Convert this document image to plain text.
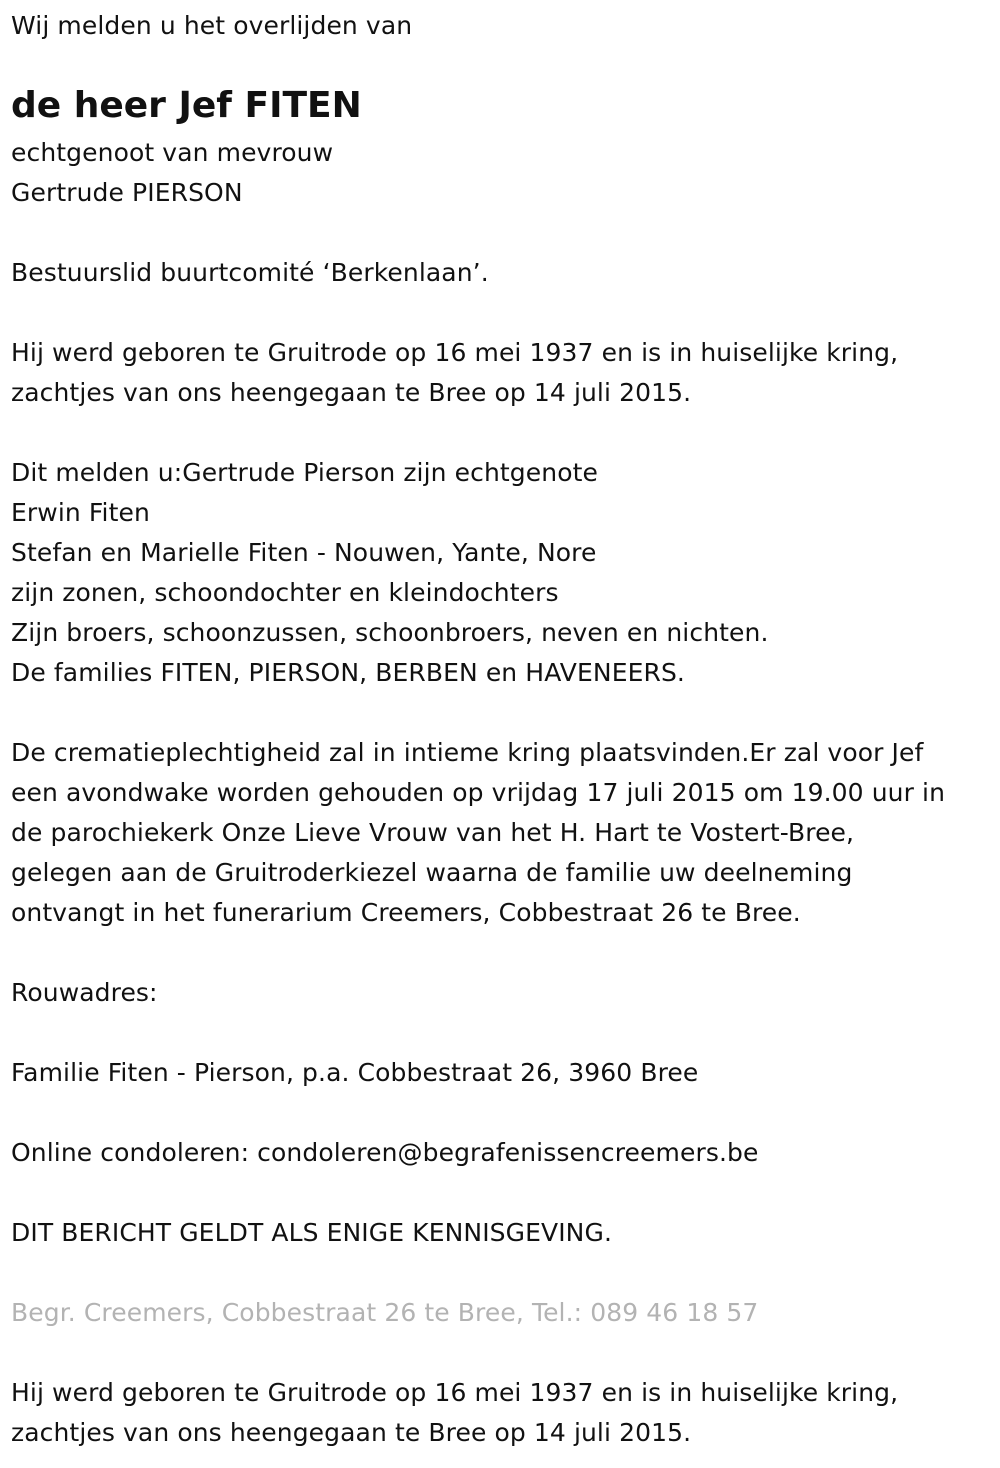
Wij melden u het overlijden van
de heer Jef FITEN
echtgenoot van mevrouw
Gertrude PIERSON
Bestuurslid buurtcomité ‘Berkenlaan’.
Hij werd geboren te Gruitrode op 16 mei 1937 en is in huiselijke kring,
zachtjes van ons heengegaan te Bree op 14 juli 2015.
Dit melden u:Gertrude Pierson zijn echtgenote
Erwin Fiten
Stefan en Marielle Fiten - Nouwen, Yante, Nore
zijn zonen, schoondochter en kleindochters
Zijn broers, schoonzussen, schoonbroers, neven en nichten.
De families FITEN, PIERSON, BERBEN en HAVENEERS.
De crematieplechtigheid zal in intieme kring plaatsvinden.Er zal voor Jef
een avondwake worden gehouden op vrijdag 17 juli 2015 om 19.00 uur in
de parochiekerk Onze Lieve Vrouw van het H. Hart te Vostert-Bree,
gelegen aan de Gruitroderkiezel waarna de familie uw deelneming
ontvangt in het funerarium Creemers, Cobbestraat 26 te Bree.
Rouwadres:
Familie Fiten - Pierson, p.a. Cobbestraat 26, 3960 Bree
Online condoleren: condoleren@begrafenissencreemers.be
DIT BERICHT GELDT ALS ENIGE KENNISGEVING.
Begr. Creemers, Cobbestraat 26 te Bree, Tel.: 089 46 18 57
Hij werd geboren te Gruitrode op 16 mei 1937 en is in huiselijke kring,
zachtjes van ons heengegaan te Bree op 14 juli 2015.
